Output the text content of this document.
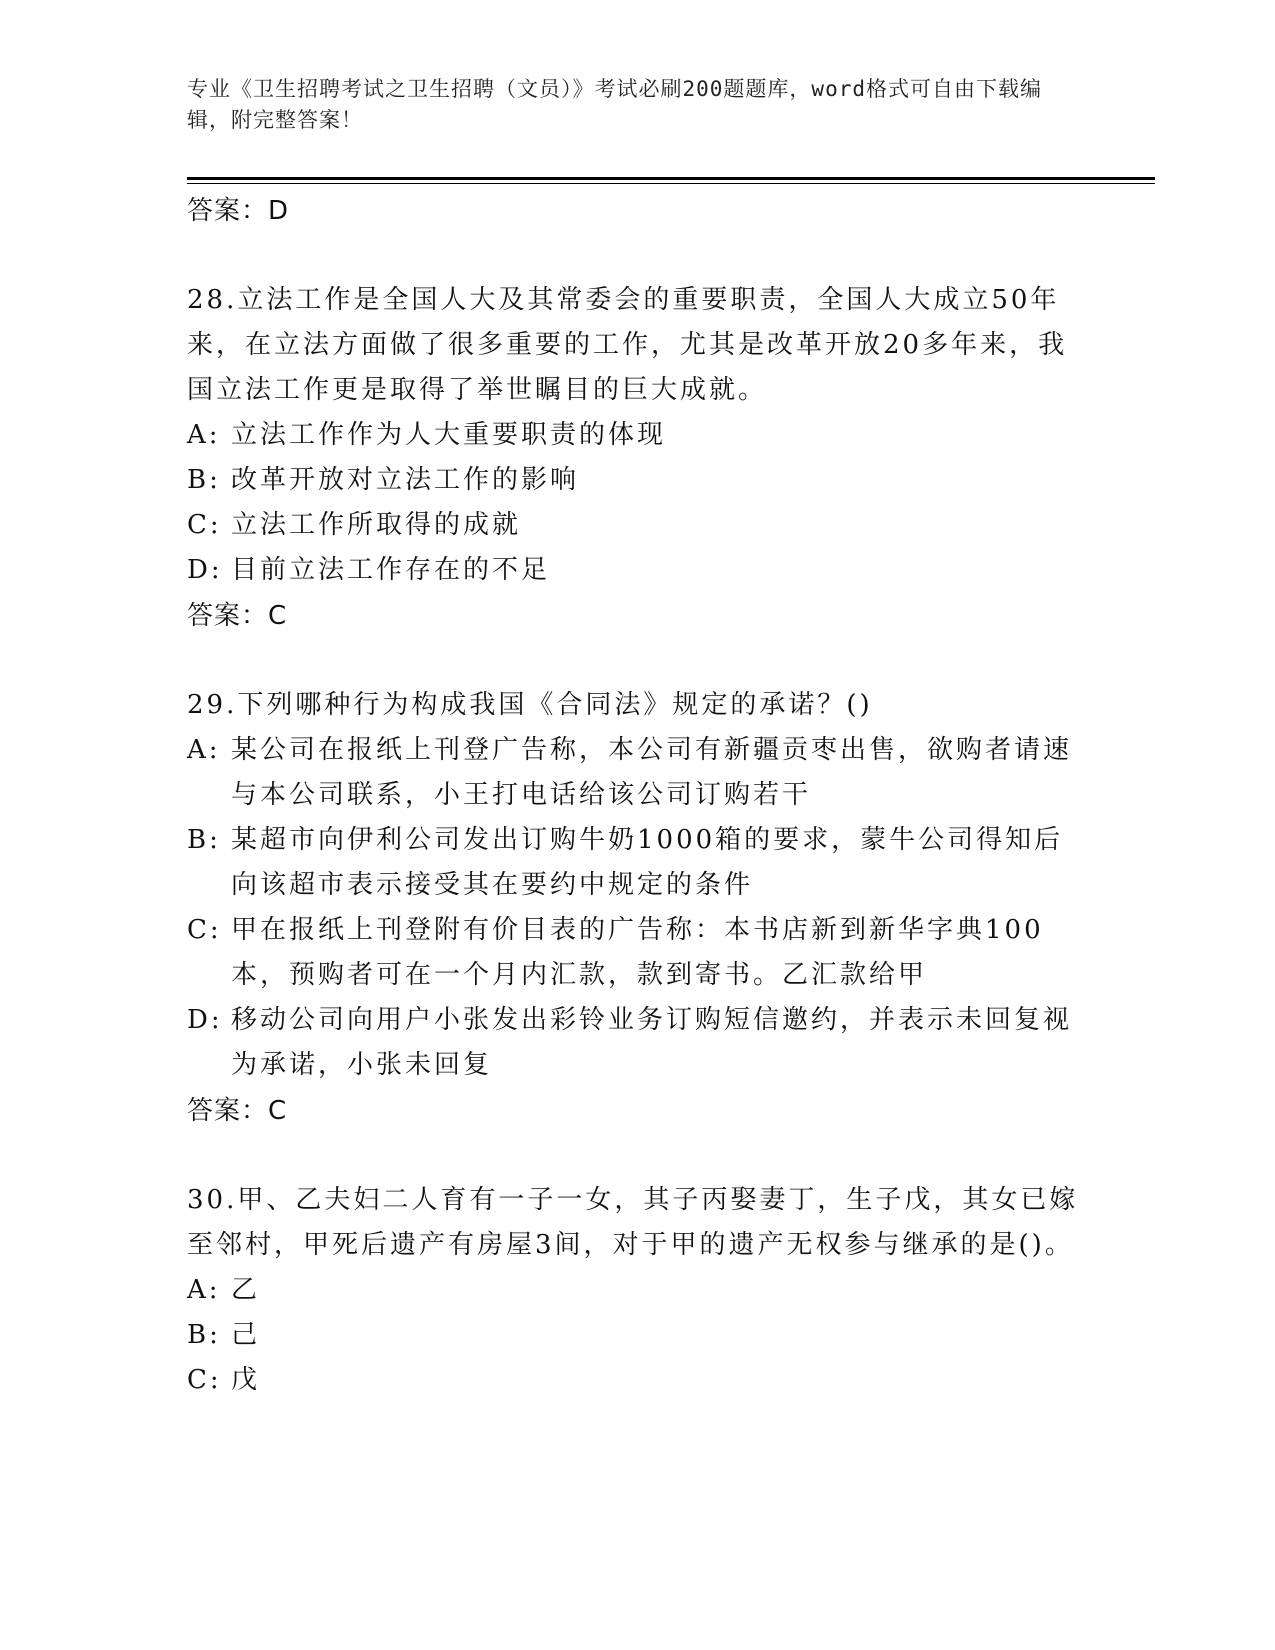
专业《卫生招聘考试之卫生招聘（文员）》考试必刷200题题库，word格式可自由下载编辑，附完整答案！
答案：D

28.立法工作是全国人大及其常委会的重要职责，全国人大成立50年来，在立法方面做了很多重要的工作，尤其是改革开放20多年来，我国立法工作更是取得了举世瞩目的巨大成就。

A: 立法工作作为人大重要职责的体现
B: 改革开放对立法工作的影响
C: 立法工作所取得的成就
D: 目前立法工作存在的不足
答案：C

29.下列哪种行为构成我国《合同法》规定的承诺？()

A: 某公司在报纸上刊登广告称，本公司有新疆贡枣出售，欲购者请速与本公司联系，小王打电话给该公司订购若干
B: 某超市向伊利公司发出订购牛奶1000箱的要求，蒙牛公司得知后向该超市表示接受其在要约中规定的条件
C: 甲在报纸上刊登附有价目表的广告称：本书店新到新华字典100本，预购者可在一个月内汇款，款到寄书。乙汇款给甲
D: 移动公司向用户小张发出彩铃业务订购短信邀约，并表示未回复视为承诺，小张未回复
答案：C

30.甲、乙夫妇二人育有一子一女，其子丙娶妻丁，生子戊，其女已嫁至邻村，甲死后遗产有房屋3间，对于甲的遗产无权参与继承的是()。

A: 乙
B: 己
C: 戊
